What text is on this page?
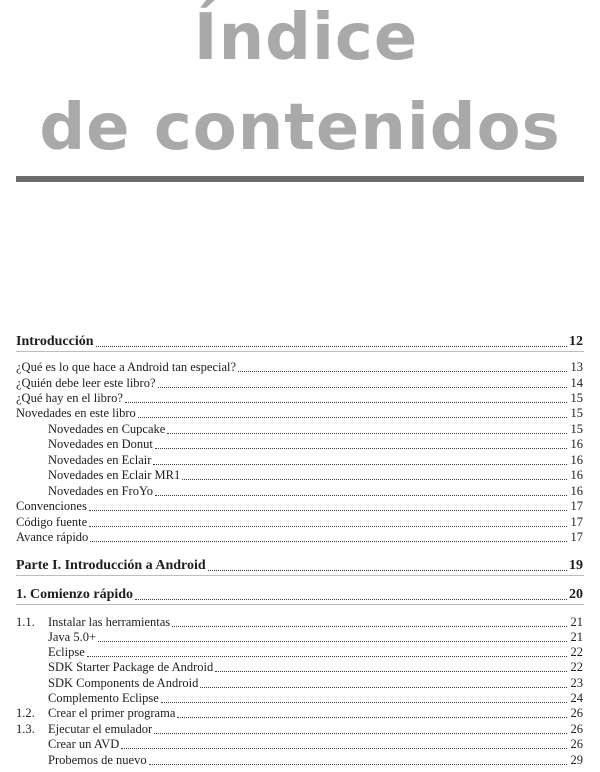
Índice
de contenidos
Introducción	12
¿Qué es lo que hace a Android tan especial?	13
¿Quién debe leer este libro?	14
¿Qué hay en el libro?	15
Novedades en este libro	15
Novedades en Cupcake	15
Novedades en Donut	16
Novedades en Eclair	16
Novedades en Eclair MR1	16
Novedades en FroYo	16
Convenciones	17
Código fuente	17
Avance rápido	17
Parte I. Introducción a Android	19
1. Comienzo rápido	20
1.1.	Instalar las herramientas	21
Java 5.0+	21
Eclipse	22
SDK Starter Package de Android	22
SDK Components de Android	23
Complemento Eclipse	24
1.2.	Crear el primer programa	26
1.3.	Ejecutar el emulador	26
Crear un AVD	26
Probemos de nuevo	29
